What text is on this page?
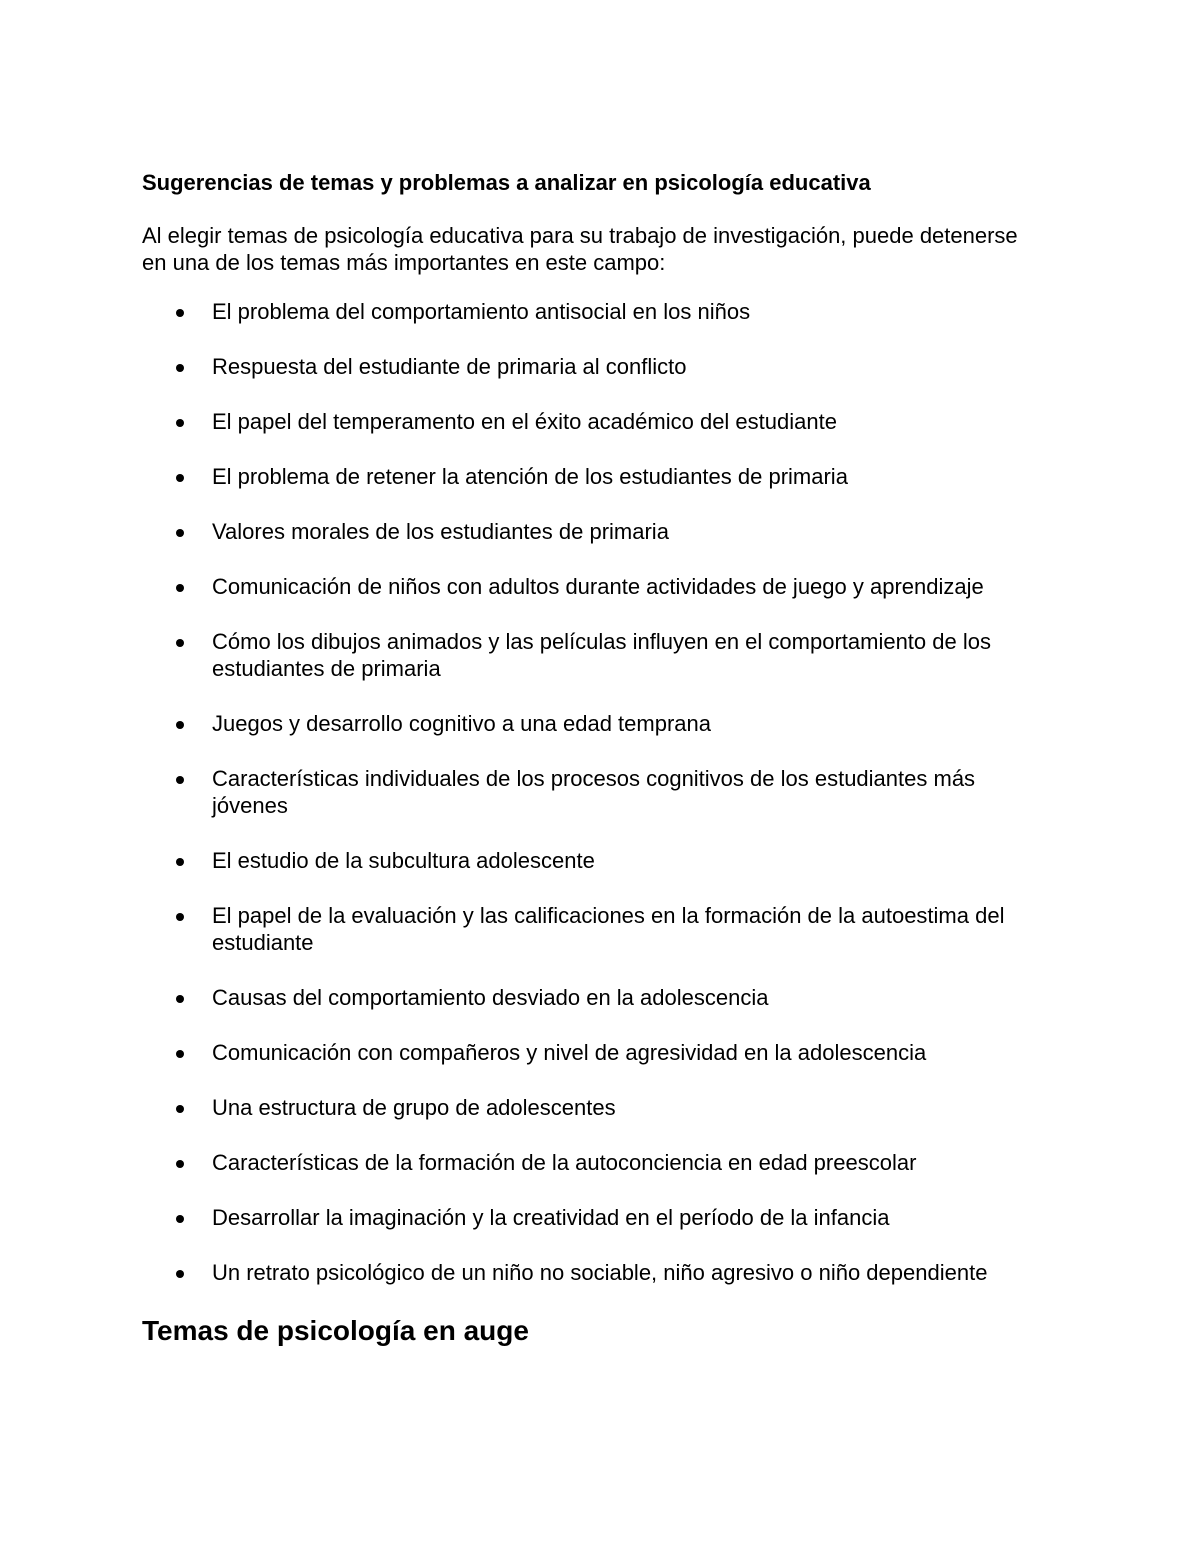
Sugerencias de temas y problemas a analizar en psicología educativa

Al elegir temas de psicología educativa para su trabajo de investigación, puede detenerse en una de los temas más importantes en este campo:

El problema del comportamiento antisocial en los niños
Respuesta del estudiante de primaria al conflicto
El papel del temperamento en el éxito académico del estudiante
El problema de retener la atención de los estudiantes de primaria
Valores morales de los estudiantes de primaria
Comunicación de niños con adultos durante actividades de juego y aprendizaje
Cómo los dibujos animados y las películas influyen en el comportamiento de los estudiantes de primaria
Juegos y desarrollo cognitivo a una edad temprana
Características individuales de los procesos cognitivos de los estudiantes más jóvenes
El estudio de la subcultura adolescente
El papel de la evaluación y las calificaciones en la formación de la autoestima del estudiante
Causas del comportamiento desviado en la adolescencia
Comunicación con compañeros y nivel de agresividad en la adolescencia
Una estructura de grupo de adolescentes
Características de la formación de la autoconciencia en edad preescolar
Desarrollar la imaginación y la creatividad en el período de la infancia
Un retrato psicológico de un niño no sociable, niño agresivo o niño dependiente
Temas de psicología en auge
